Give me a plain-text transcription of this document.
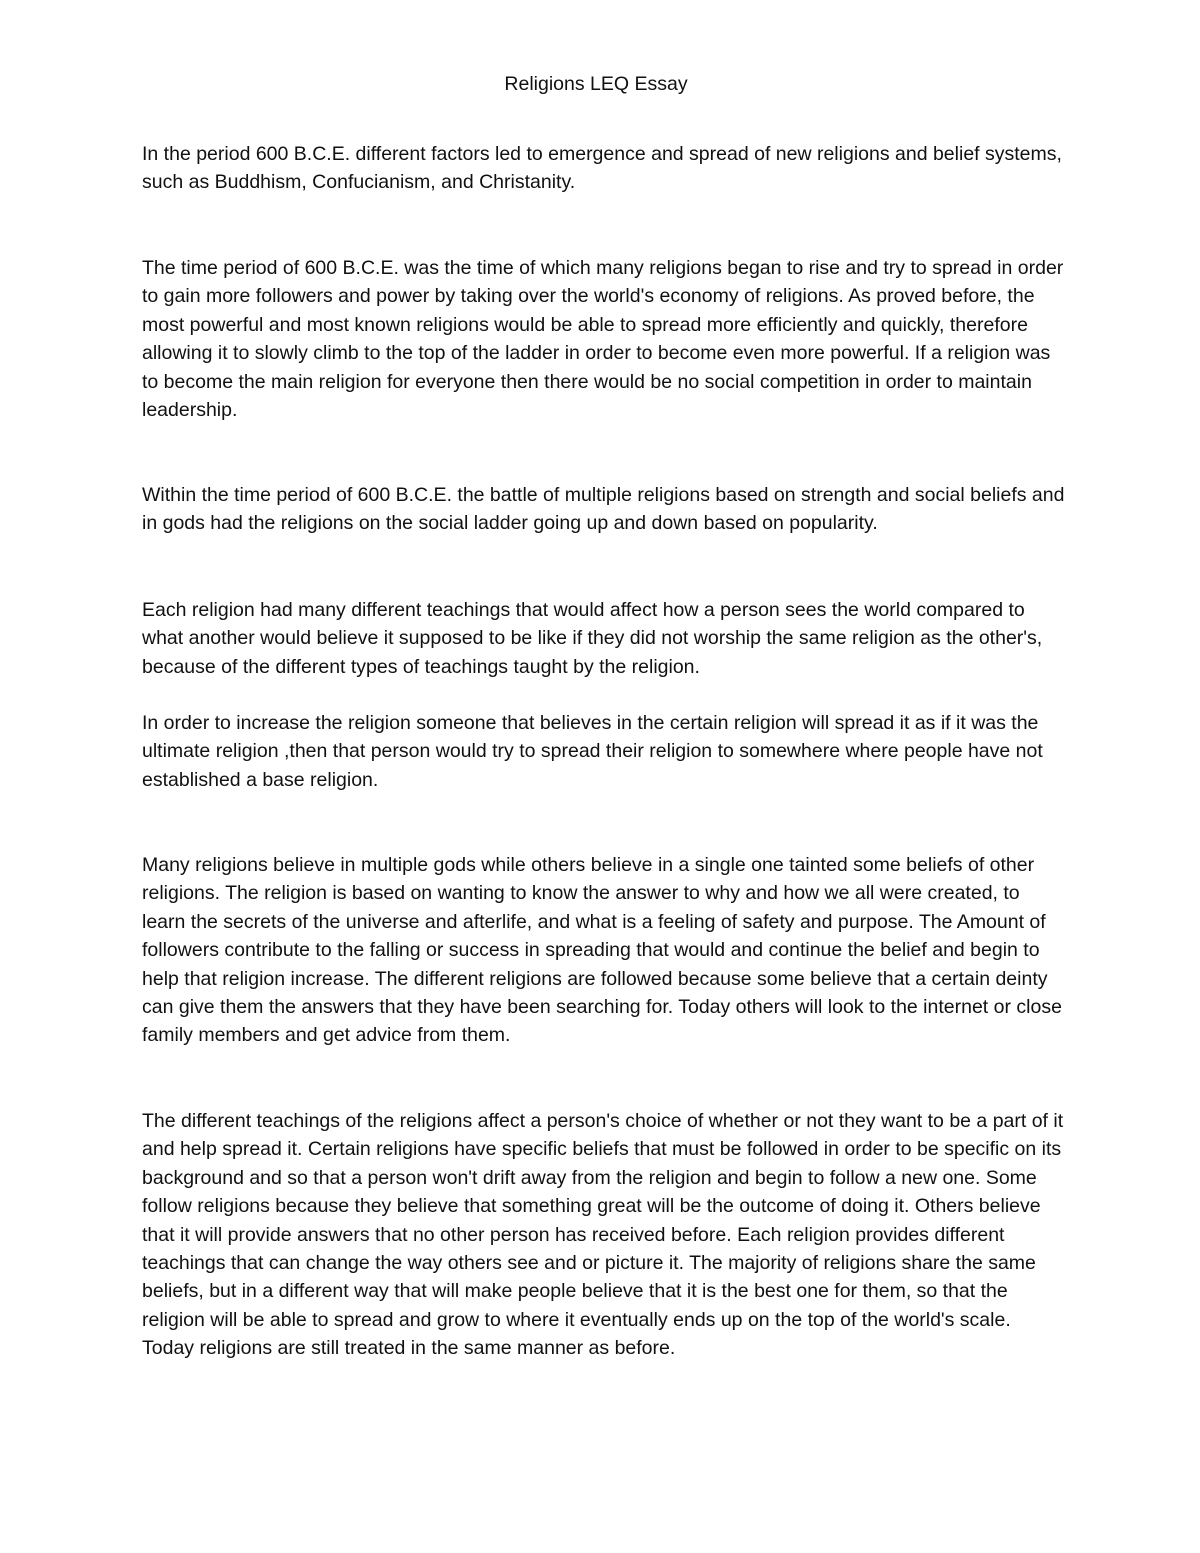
Religions LEQ Essay

In the period 600 B.C.E. different factors led to emergence and spread of new religions and belief systems, such as Buddhism, Confucianism, and Christanity.

The time period of 600 B.C.E. was the time of which many religions began to rise and try to spread in order to gain more followers and power by taking over the world's economy of religions. As proved before, the most powerful and most known religions would be able to spread more efficiently and quickly, therefore allowing it to slowly climb to the top of the ladder in order to become even more powerful. If a religion was to become the main religion for everyone then there would be no social competition in order to maintain leadership.

Within the time period of 600 B.C.E. the battle of multiple religions based on strength and social beliefs and in gods had the religions on the social ladder going up and down based on popularity.

Each religion had many different teachings that would affect how a person sees the world compared to what another would believe it supposed to be like if they did not worship the same religion as the other's, because of the different types of teachings taught by the religion.

In order to increase the religion someone that believes in the certain religion will spread it as if it was the ultimate religion ,then that person would try to spread their religion to somewhere where people have not established a base religion.

Many religions believe in multiple gods while others believe in a single one tainted some beliefs of other religions. The religion is based on wanting to know the answer to why and how we all were created, to learn the secrets of the universe and afterlife, and what is a feeling of safety and purpose. The Amount of followers contribute to the falling or success in spreading that would and continue the belief and begin to help that religion increase. The different religions are followed because some believe that a certain deinty can give them the answers that they have been searching for. Today others will look to the internet or close family members and get advice from them.

The different teachings of the religions affect a person's choice of whether or not they want to be a part of it and help spread it. Certain religions have specific beliefs that must be followed in order to be specific on its background and so that a person won't drift away from the religion and begin to follow a new one. Some follow religions because they believe that something great will be the outcome of doing it. Others believe that it will provide answers that no other person has received before. Each religion provides different teachings that can change the way others see and or picture it. The majority of religions share the same beliefs, but in a different way that will make people believe that it is the best one for them, so that the religion will be able to spread and grow to where it eventually ends up on the top of the world's scale. Today religions are still treated in the same manner as before.
